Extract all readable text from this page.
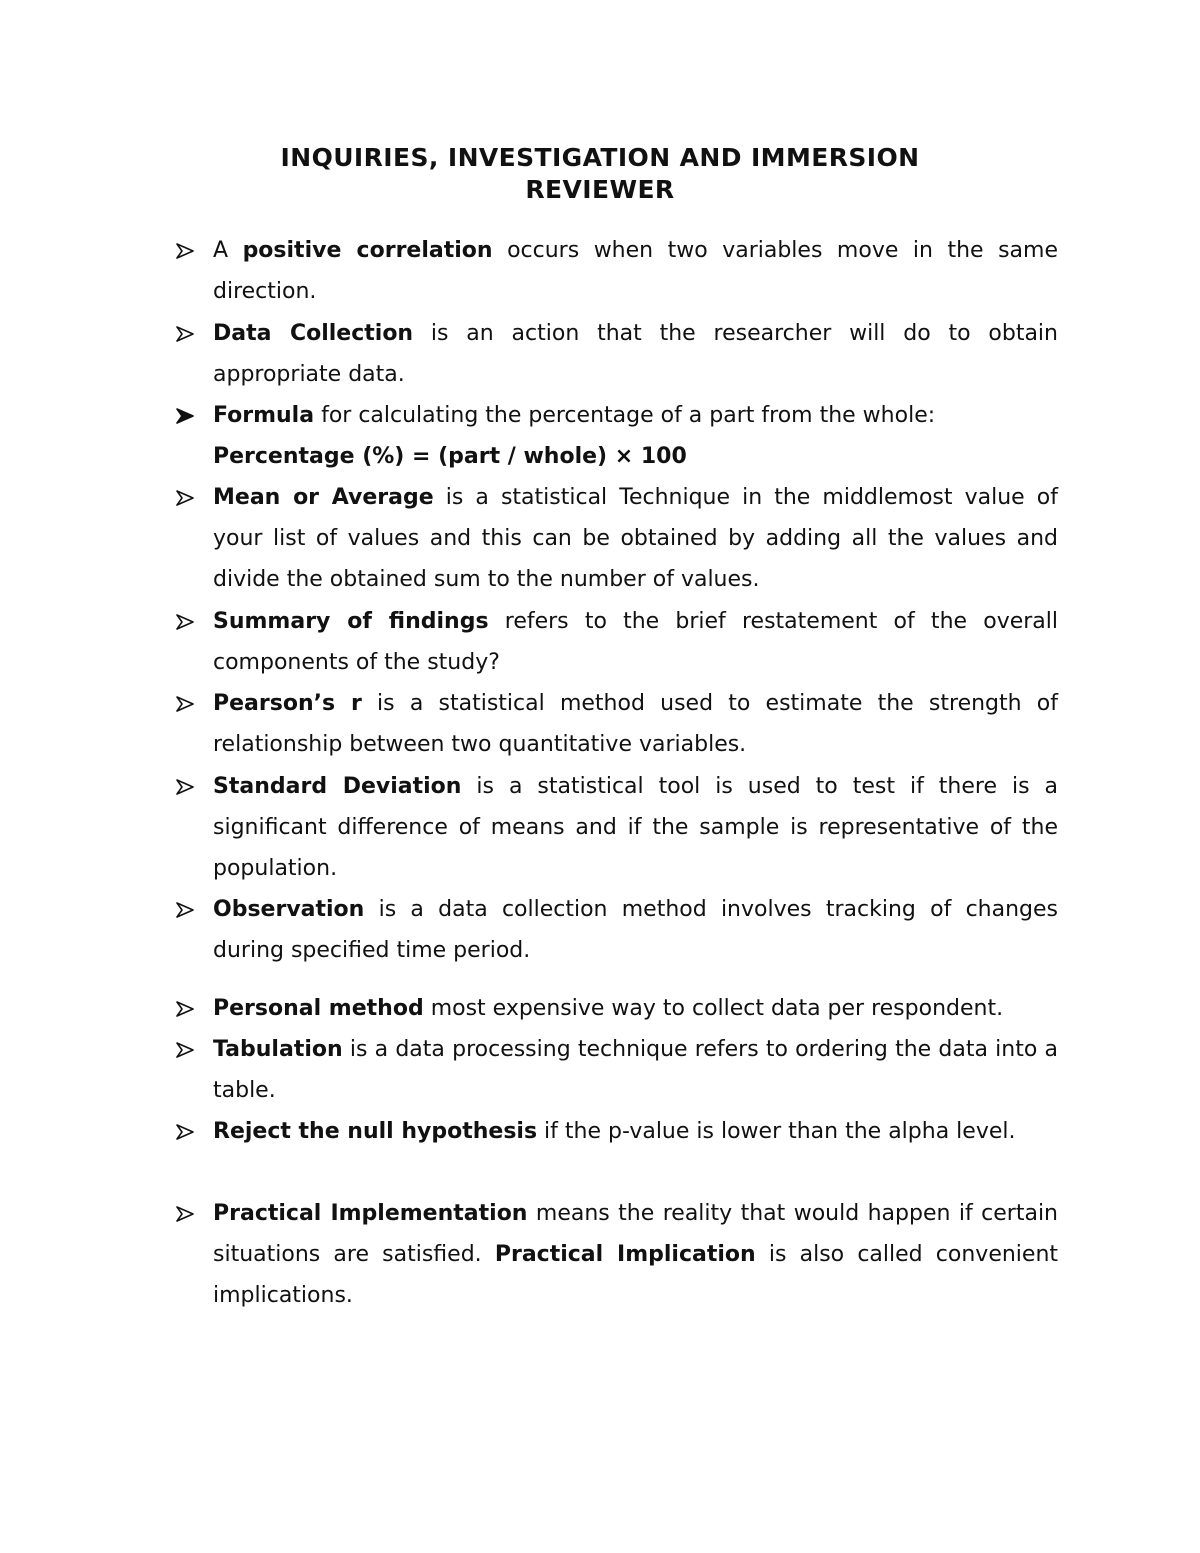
INQUIRIES, INVESTIGATION AND IMMERSION
REVIEWER
A positive correlation occurs when two variables move in the same direction.
Data Collection is an action that the researcher will do to obtain appropriate data.
Formula for calculating the percentage of a part from the whole:
Percentage (%) = (part / whole) × 100
Mean or Average is a statistical Technique in the middlemost value of your list of values and this can be obtained by adding all the values and divide the obtained sum to the number of values.
Summary of findings refers to the brief restatement of the overall components of the study?
Pearson’s r is a statistical method used to estimate the strength of relationship between two quantitative variables.
Standard Deviation is a statistical tool is used to test if there is a significant difference of means and if the sample is representative of the population.
Observation is a data collection method involves tracking of changes during specified time period.
Personal method most expensive way to collect data per respondent.
Tabulation is a data processing technique refers to ordering the data into a table.
Reject the null hypothesis if the p-value is lower than the alpha level.
Practical Implementation means the reality that would happen if certain situations are satisfied. Practical Implication is also called convenient implications.
